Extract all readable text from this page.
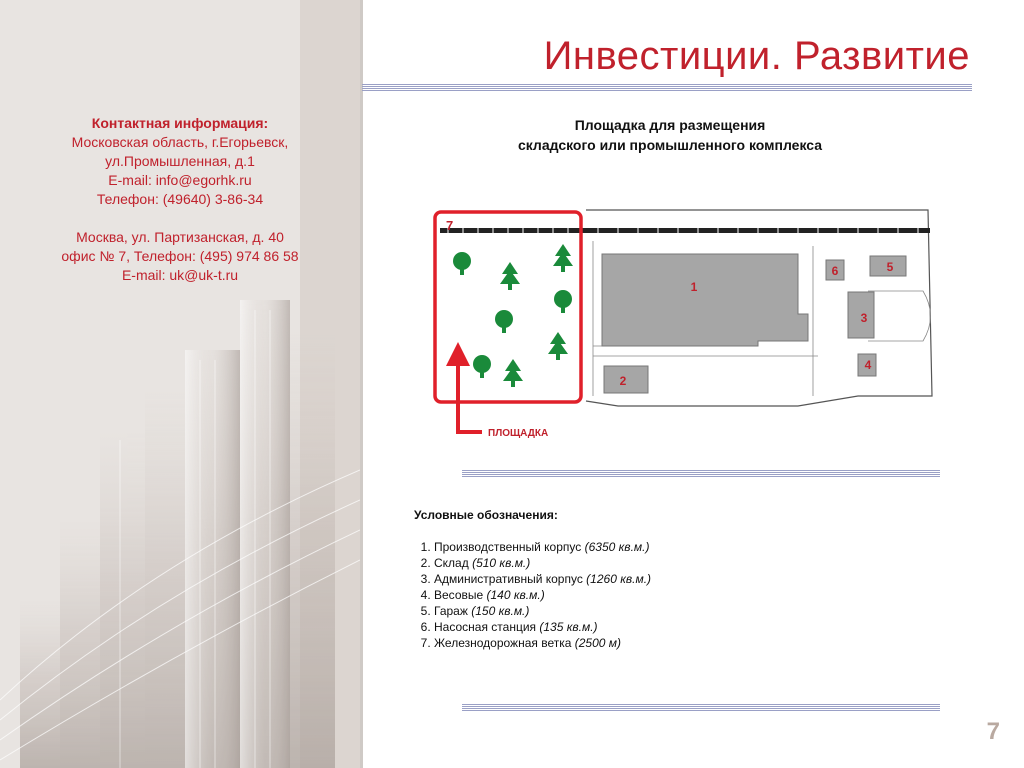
Контактная информация:
Московская область, г.Егорьевск,
ул.Промышленная, д.1
E-mail: info@egorhk.ru
Телефон: (49640) 3-86-34
Москва, ул. Партизанская, д. 40
офис № 7, Телефон: (495) 974 86 58
E-mail: uk@uk-t.ru
Инвестиции. Развитие
Площадка для размещения
складского или промышленного комплекса
1
2
3
4
5
6
7
ПЛОЩАДКА
Условные обозначения:
1. Производственный корпус (6350 кв.м.)
2. Склад (510 кв.м.)
3. Административный корпус (1260 кв.м.)
4. Весовые (140 кв.м.)
5. Гараж (150 кв.м.)
6. Насосная станция (135 кв.м.)
7. Железнодорожная ветка (2500 м)
7
